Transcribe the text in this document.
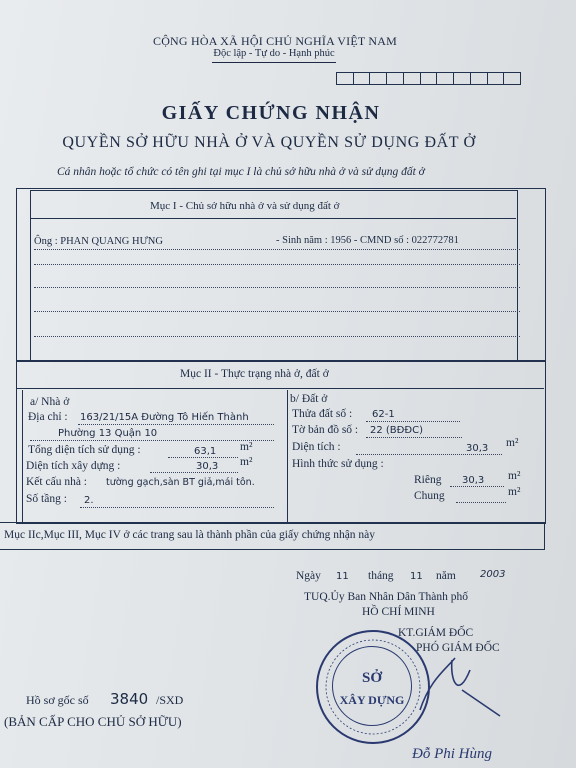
CỘNG HÒA XÃ HỘI CHỦ NGHĨA VIỆT NAM
Độc lập - Tự do - Hạnh phúc
GIẤY CHỨNG NHẬN
QUYỀN SỞ HỮU NHÀ Ở VÀ QUYỀN SỬ DỤNG ĐẤT Ở
Cá nhân hoặc tổ chức có tên ghi tại mục I là chủ sở hữu nhà ở và sử dụng đất ở
Mục I - Chủ sở hữu nhà ở và sử dụng đất ở
Ông : PHAN QUANG HƯNG	- Sinh năm : 1956 - CMND số : 022772781
Mục II - Thực trạng nhà ở, đất ở
a/ Nhà ở
Địa chỉ : 163/21/15A Đường Tô Hiến Thành
Phường 13 Quận 10
Tổng diện tích sử dụng :	63,1 m²
Diện tích xây dựng :	30,3 m²
Kết cấu nhà : tường gạch,sàn BT giả,mái tôn.
Số tầng : 2.
b/ Đất ở
Thửa đất số : 62-1
Tờ bản đồ số : 22 (BĐĐC)
Diện tích :	30,3 m²
Hình thức sử dụng :
Riêng 30,3 m²
Chung	m²
Mục IIc,Mục III, Mục IV ở các trang sau là thành phần của giấy chứng nhận này
Ngày 11 tháng 11 năm 2003
TUQ.Ủy Ban Nhân Dân Thành phố
HỒ CHÍ MINH
KT.GIÁM ĐỐC
PHÓ GIÁM ĐỐC
SỞ
XÂY DỰNG
Đỗ Phi Hùng
Hồ sơ gốc số 3840 /SXD
(BẢN CẤP CHO CHỦ SỞ HỮU)
